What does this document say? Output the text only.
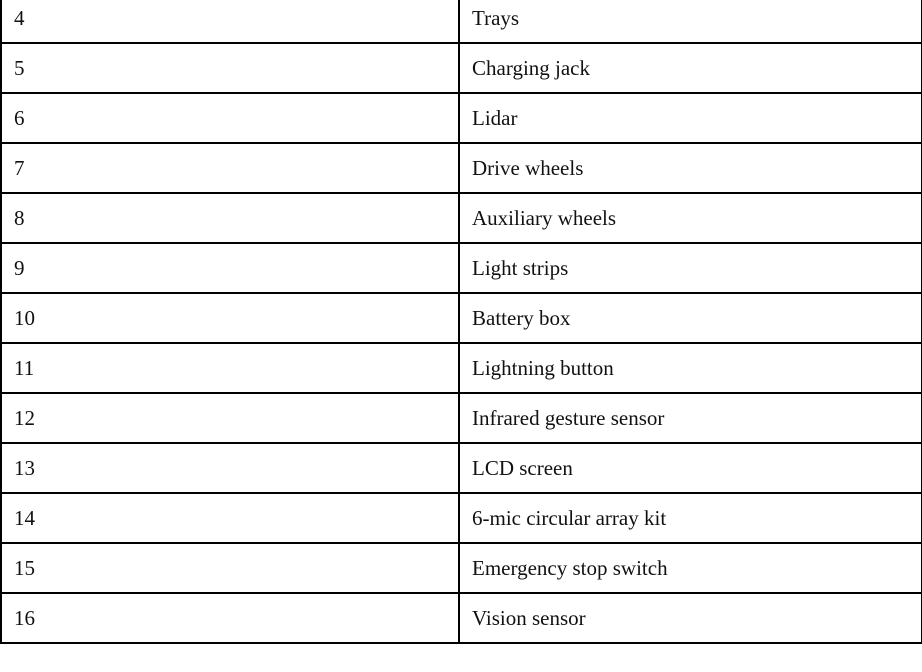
4	Trays
5	Charging jack
6	Lidar
7	Drive wheels
8	Auxiliary wheels
9	Light strips
10	Battery box
11	Lightning button
12	Infrared gesture sensor
13	LCD screen
14	6-mic circular array kit
15	Emergency stop switch
16	Vision sensor
